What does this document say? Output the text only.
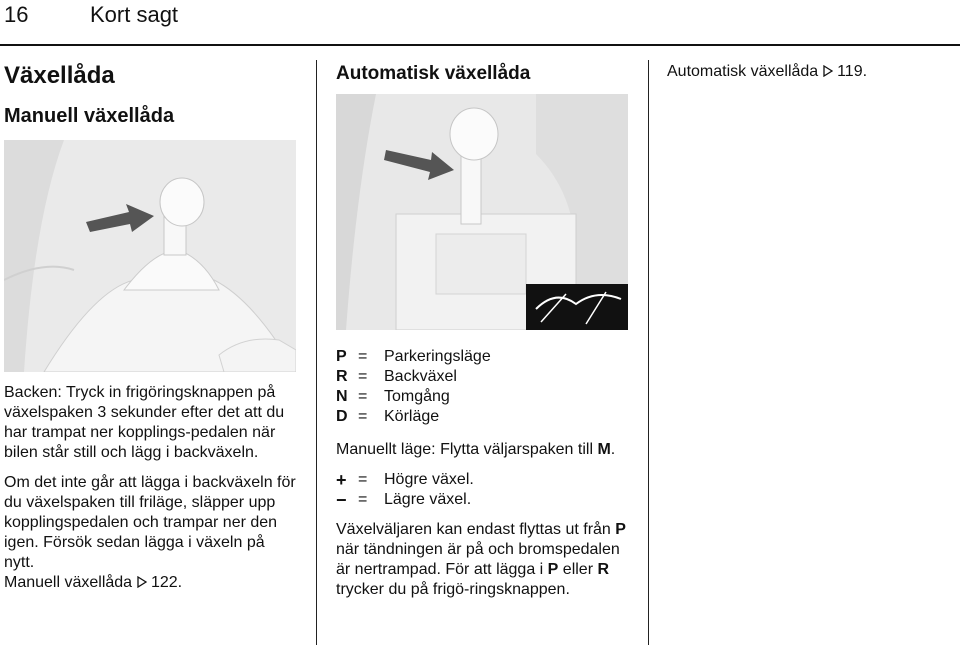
16	Kort sagt
Växellåda
Manuell växellåda

Backen: Tryck in frigöringsknappen på växelspaken 3 sekunder efter det att du har trampat ner kopplings-pedalen när bilen står still och lägg i backväxeln.

Om det inte går att lägga i backväxeln för du växelspaken till friläge, släpper upp kopplingspedalen och trampar ner den igen. Försök sedan lägga i växeln på nytt.

Manuell växellåda 122.

Automatisk växellåda
P =	Parkeringsläge
R =	Backväxel
N =	Tomgång
D =	Körläge

Manuellt läge: Flytta väljarspaken till M.

+ =	Högre växel.
− =	Lägre växel.

Växelväljaren kan endast flyttas ut från P när tändningen är på och bromspedalen är nertrampad. För att lägga i P eller R trycker du på frigö-ringsknappen.

Automatisk växellåda 119.
